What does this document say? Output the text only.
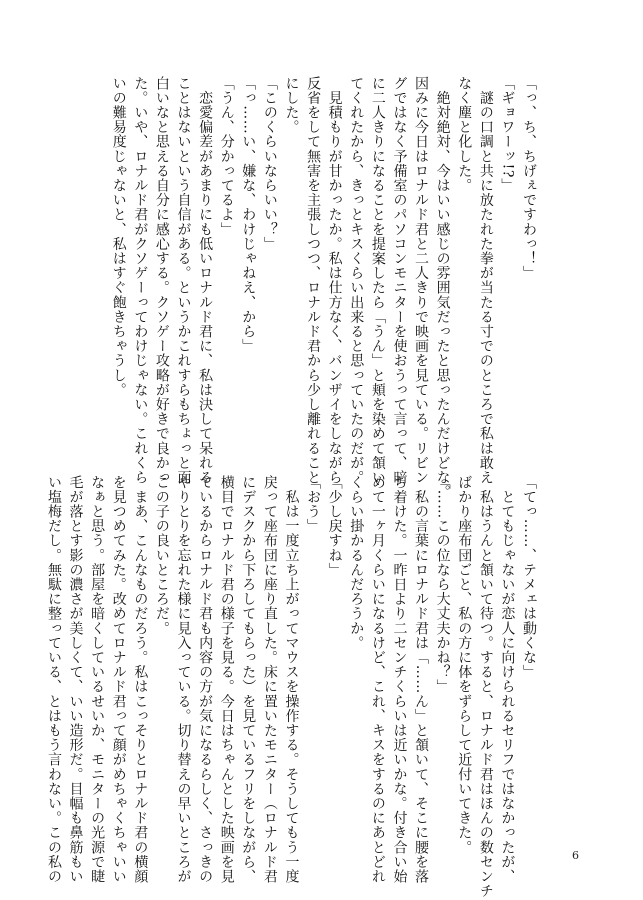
「っ、ち、ちげぇですわっ！」
「ギョワーッ!?」
　謎の口調と共に放たれた拳が当たる寸でのところで私は敢え
なく塵と化した。
　絶対絶対、今はいい感じの雰囲気だったと思ったんだけどな。
因みに今日はロナルド君と二人きりで映画を見ている。リビン
グではなく予備室のパソコンモニターを使おうって言って、暗
に二人きりになることを提案したら「うん」と頬を染めて頷い
てくれたから、きっとキスくらい出来ると思っていたのだが。
　見積もりが甘かったか。私は仕方なく、バンザイをしながら
反省をして無害を主張しつつ、ロナルド君から少し離れること
にした。
「このくらいならいい？」
「っ……い、嫌な、わけじゃねえ、から」
「うん、分かってるよ」
　恋愛偏差があまりにも低いロナルド君に、私は決して呆れる
ことはないという自信がある。というかこれすらもちょっと面
白いなと思える自分に感心する。クソゲー攻略が好きで良かっ
た。いや、ロナルド君がクソゲーってわけじゃない。これくら
いの難易度じゃないと、私はすぐ飽きちゃうし。
「てっ……、テメェは動くな」
　とてもじゃないが恋人に向けられるセリフではなかったが、
　私はうんと頷いて待つ。すると、ロナルド君はほんの数センチ
ばかり座布団ごと、私の方に体をずらして近付いてきた。
「……この位なら大丈夫かね？」
　私の言葉にロナルド君は「……ん」と頷いて、そこに腰を落
ち着けた。一昨日より二センチくらいは近いかな。付き合い始
めて一ヶ月くらいになるけど、これ、キスをするのにあとどれ
くらい掛かるんだろうか。
「少し戻すね」
「おう」
　私は一度立ち上がってマウスを操作する。そうしてもう一度
戻って座布団に座り直した。床に置いたモニター（ロナルド君
にデスクから下ろしてもらった）を見ているフリをしながら、
横目でロナルド君の様子を見る。今日はちゃんとした映画を見
ているからロナルド君も内容の方が気になるらしく、さっきの
やりとりを忘れた様に見入っている。切り替えの早いところが
この子の良いところだ。
　まあ、こんなものだろう。私はこっそりとロナルド君の横顔
を見つめてみた。改めてロナルド君って顔がめちゃくちゃいい
なぁと思う。部屋を暗くしているせいか、モニターの光源で睫
毛が落とす影の濃さが美しくて、いい造形だ。目幅も鼻筋もい
い塩梅だし。無駄に整っている、とはもう言わない。この私の	6
